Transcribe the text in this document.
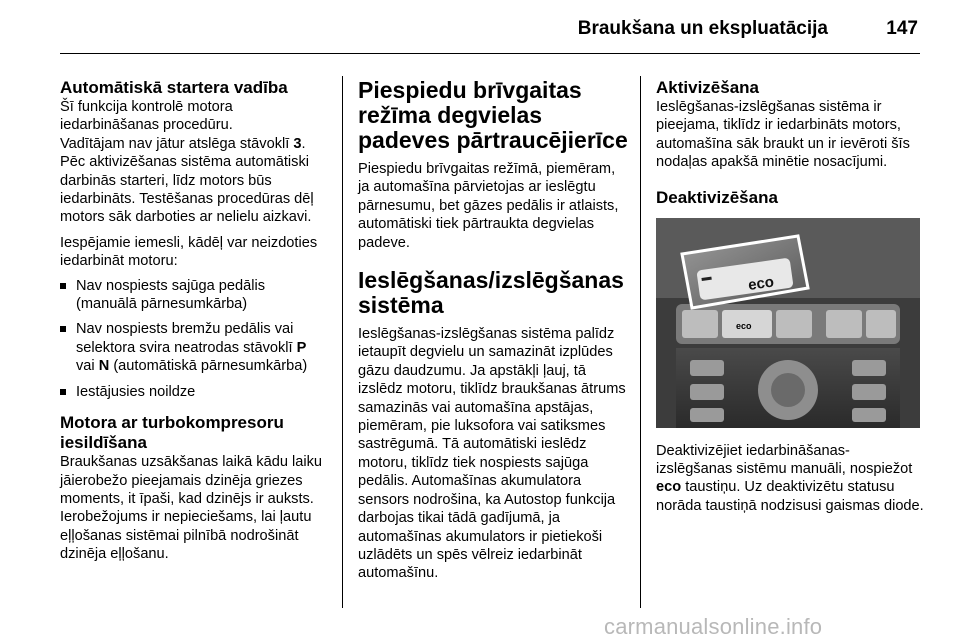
Braukšana un ekspluatācija	147
Automātiskā startera vadība

Šī funkcija kontrolē motora iedarbināšanas procedūru.

Vadītājam nav jātur atslēga stāvoklī 3. Pēc aktivizēšanas sistēma automātiski darbinās starteri, līdz motors būs iedarbināts. Testēšanas procedūras dēļ motors sāk darboties ar nelielu aizkavi.

Iespējamie iemesli, kādēļ var neizdoties iedarbināt motoru:

Nav nospiests sajūga pedālis (manuālā pārnesumkārba)
Nav nospiests bremžu pedālis vai selektora svira neatrodas stāvoklī P vai N (automātiskā pārnesumkārba)
Iestājusies noildze
Motora ar turbokompresoru iesildīšana

Braukšanas uzsākšanas laikā kādu laiku jāierobežo pieejamais dzinēja griezes moments, it īpaši, kad dzinējs ir auksts. Ierobežojums ir nepieciešams, lai ļautu eļļošanas sistēmai pilnībā nodrošināt dzinēja eļļošanu.

Piespiedu brīvgaitas režīma degvielas padeves pārtraucējierīce

Piespiedu brīvgaitas režīmā, piemēram, ja automašīna pārvietojas ar ieslēgtu pārnesumu, bet gāzes pedālis ir atlaists, automātiski tiek pārtraukta degvielas padeve.

Ieslēgšanas/izslēgšanas sistēma

Ieslēgšanas-izslēgšanas sistēma palīdz ietaupīt degvielu un samazināt izplūdes gāzu daudzumu. Ja apstākļi ļauj, tā izslēdz motoru, tiklīdz braukšanas ātrums samazinās vai automašīna apstājas, piemēram, pie luksofora vai satiksmes sastrēgumā. Tā automātiski ieslēdz motoru, tiklīdz tiek nospiests sajūga pedālis. Automašīnas akumulatora sensors nodrošina, ka Autostop funkcija darbojas tikai tādā gadījumā, ja automašīnas akumulators ir pietiekoši uzlādēts un spēs vēlreiz iedarbināt automašīnu.

Aktivizēšana

Ieslēgšanas-izslēgšanas sistēma ir pieejama, tiklīdz ir iedarbināts motors, automašīna sāk braukt un ir ievēroti šīs nodaļas apakšā minētie nosacījumi.

Deaktivizēšana
eco
eco

Deaktivizējiet iedarbināšanas-izslēgšanas sistēmu manuāli, nospiežot eco taustiņu. Uz deaktivizētu statusu norāda taustiņā nodzisusi gaismas diode.

carmanualsonline.info
